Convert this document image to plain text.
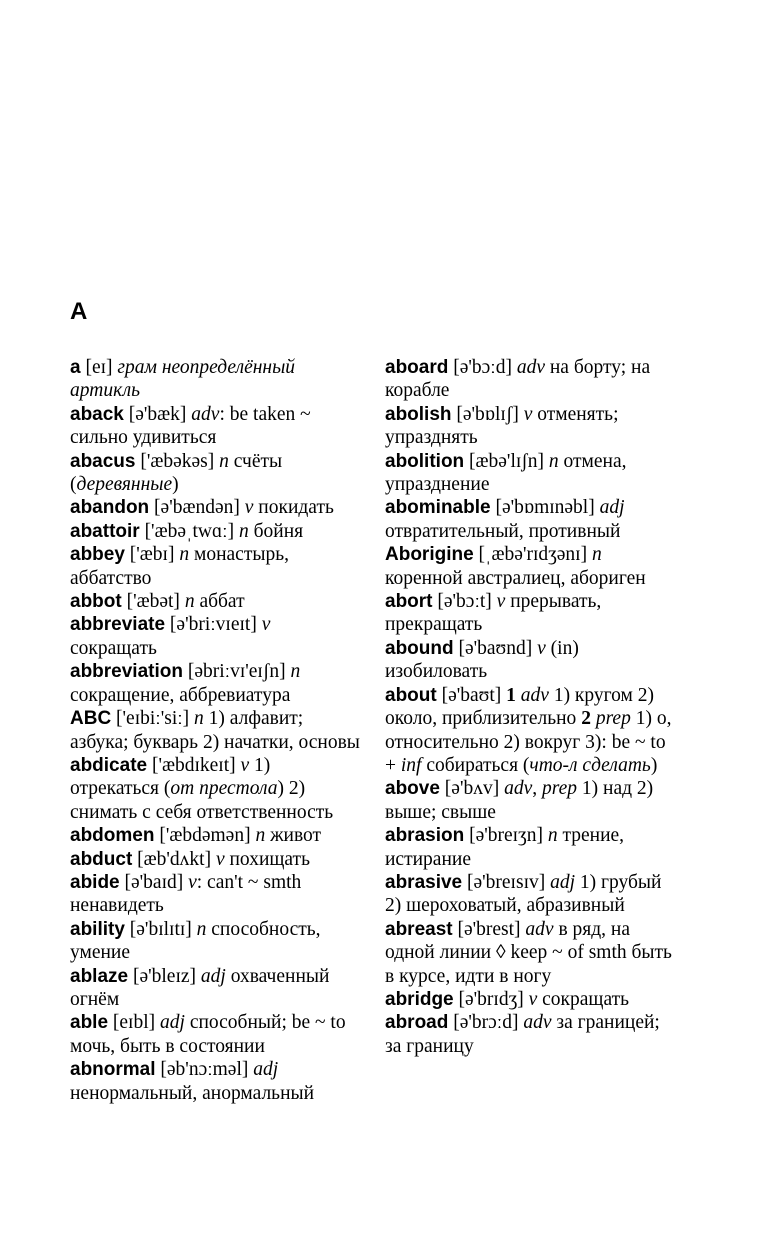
A

a [eɪ] грам неопределённый артикль

aback [ə'bæk] adv: be taken ~ сильно удивиться

abacus ['æbəkəs] n счёты (деревянные)

abandon [ə'bændən] v покидать

abattoir ['æbəˌtwɑː] n бойня

abbey ['æbɪ] n монастырь, аббатство

abbot ['æbət] n аббат

abbreviate [ə'briːvɪeɪt] v сокращать

abbreviation [əbriːvɪ'eɪʃn] n сокращение, аббревиатура

ABC ['eɪbiː'siː] n 1) алфавит; азбука; букварь 2) начатки, основы

abdicate ['æbdɪkeɪt] v 1) отрекаться (от престола) 2) снимать с себя ответственность

abdomen ['æbdəmən] n живот

abduct [æb'dʌkt] v похищать

abide [ə'baɪd] v: can't ~ smth ненавидеть

ability [ə'bɪlɪtɪ] n способность, умение

ablaze [ə'bleɪz] adj охваченный огнём

able [eɪbl] adj способный; be ~ to мочь, быть в состоянии

abnormal [əb'nɔːməl] adj ненормальный, анормальный

aboard [ə'bɔːd] adv на борту; на корабле

abolish [ə'bɒlɪʃ] v отменять; упразднять

abolition [æbə'lɪʃn] n отмена, упразднение

abominable [ə'bɒmɪnəbl] adj отвратительный, противный

Aborigine [ˌæbə'rɪdʒənɪ] n коренной австралиец, абориген

abort [ə'bɔːt] v прерывать, прекращать

abound [ə'baʊnd] v (in) изобиловать

about [ə'baʊt] 1 adv 1) кругом 2) около, приблизительно 2 prep 1) о, относительно 2) вокруг 3): be ~ to + inf собираться (что-л сделать)

above [ə'bʌv] adv, prep 1) над 2) выше; свыше

abrasion [ə'breɪʒn] n трение, истирание

abrasive [ə'breɪsɪv] adj 1) грубый 2) шероховатый, абразивный

abreast [ə'brest] adv в ряд, на одной линии ◊ keep ~ of smth быть в курсе, идти в ногу

abridge [ə'brɪdʒ] v сокращать

abroad [ə'brɔːd] adv за границей; за границу
